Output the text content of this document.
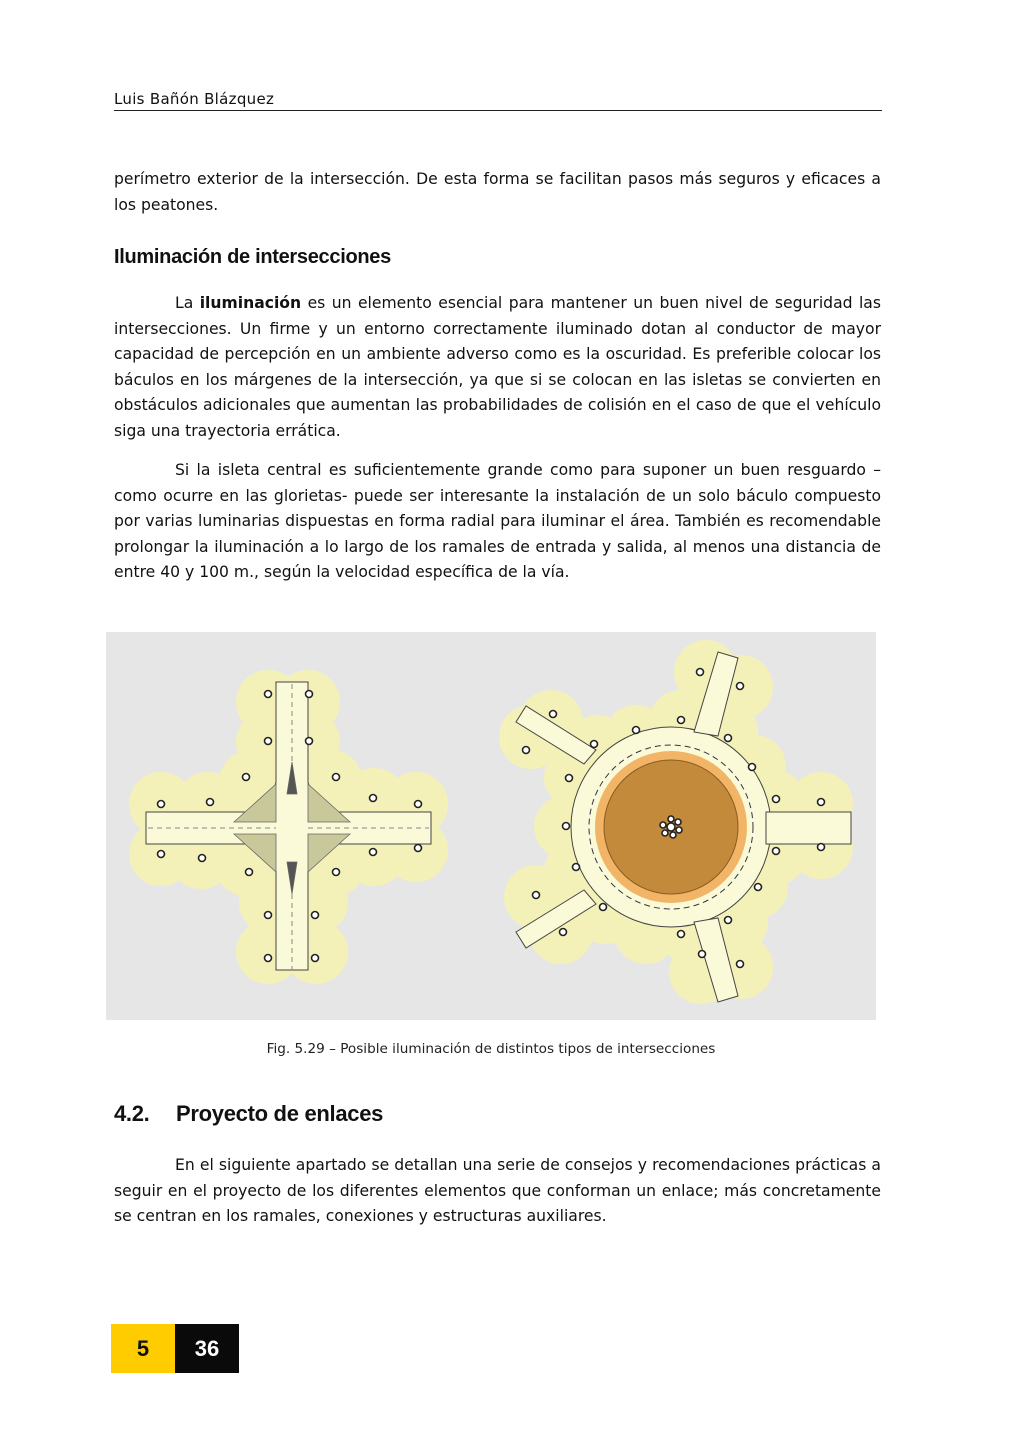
Luis Bañón Blázquez

perímetro exterior de la intersección. De esta forma se facilitan pasos más seguros y eficaces a los peatones.

Iluminación de intersecciones

La iluminación es un elemento esencial para mantener un buen nivel de seguridad las intersecciones. Un firme y un entorno correctamente iluminado dotan al conductor de mayor capacidad de percepción en un ambiente adverso como es la oscuridad. Es preferible colocar los báculos en los márgenes de la intersección, ya que si se colocan en las isletas se convierten en obstáculos adicionales que aumentan las probabilidades de colisión en el caso de que el vehículo siga una trayectoria errática.

Si la isleta central es suficientemente grande como para suponer un buen resguardo –como ocurre en las glorietas- puede ser interesante la instalación de un solo báculo compuesto por varias luminarias dispuestas en forma radial para iluminar el área. También es recomendable prolongar la iluminación a lo largo de los ramales de entrada y salida, al menos una distancia de entre 40 y 100 m., según la velocidad específica de la vía.

Fig. 5.29 – Posible iluminación de distintos tipos de intersecciones
4.2. Proyecto de enlaces

En el siguiente apartado se detallan una serie de consejos y recomendaciones prácticas a seguir en el proyecto de los diferentes elementos que conforman un enlace; más concretamente se centran en los ramales, conexiones y estructuras auxiliares.

5	36
